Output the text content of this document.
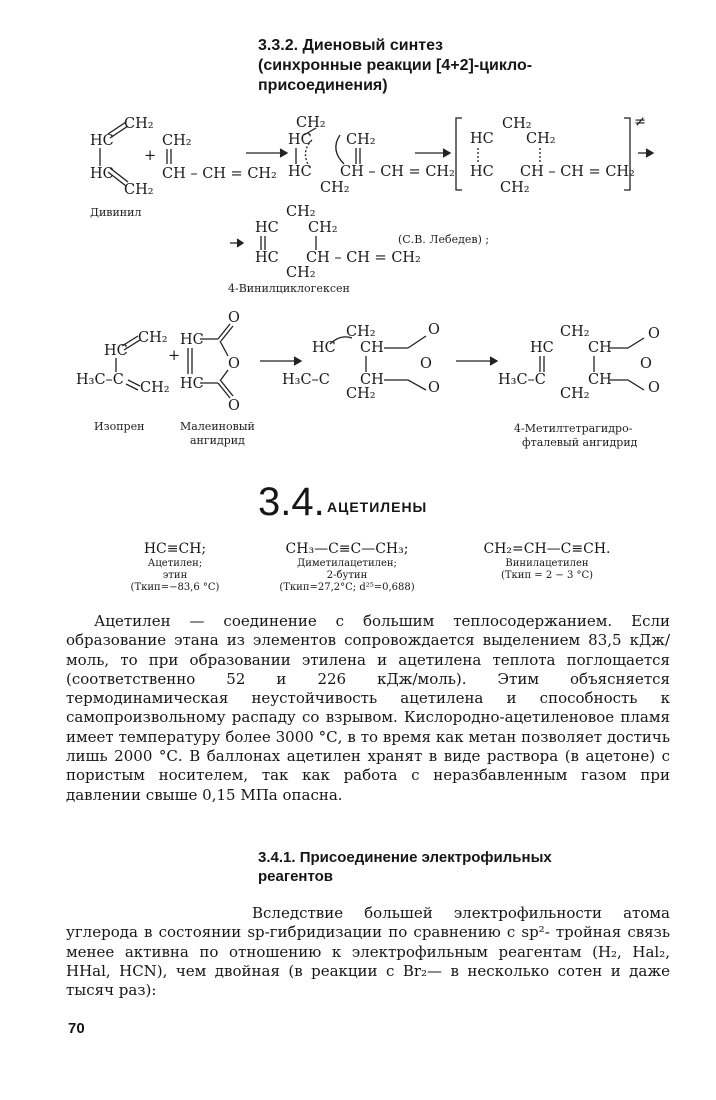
3.3.2. Диеновый синтез
(синхронные реакции [4+2]-цикло-
присоединения)
HC
CH₂
HC
CH₂
+
CH₂
CH – CH = CH₂
CH₂
HC CH₂
HC CH – CH = CH₂
CH₂
≠
CH₂
HC CH₂
HC CH – CH = CH₂
CH₂
Дивинил	CH₂
HC CH₂
HC CH – CH = CH₂
CH₂
(С.В. Лебедев) ;
4-Винилциклогексен
HC
CH₂
H₃C–C CH₂
+
HC
HC
O
O
O
CH₂
HC CH
H₃C–C CH
CH₂
O
O
O
CH₂
HC CH
H₃C–C	CH
CH₂
O
O
O
Изопрен	Малеиновый
ангидрид
4-Метилтетрагидро-
фталевый ангидрид
3.4. АЦЕТИЛЕНЫ
HC≡CH;
Ацетилен;
этин
(Ткип=−83,6 °С)
CH₃—C≡C—CH₃;
Диметилацетилен;
2-бутин
(Ткип=27,2°С; d²⁵=0,688)
CH₂=CH—C≡CH.
Винилацетилен
(Ткип = 2 − 3 °С)

Ацетилен — соединение с большим теплосодержанием. Если образование этана из элементов сопровождается выделением 83,5 кДж/моль, то при образовании этилена и ацетилена теплота поглощается (соответственно 52 и 226 кДж/моль). Этим объясняется термодинамическая неустойчивость ацетилена и способность к самопроизвольному распаду со взрывом. Кислородно-ацетиленовое пламя имеет температуру более 3000 °С, в то время как метан позволяет достичь лишь 2000 °С. В баллонах ацетилен хранят в виде раствора (в ацетоне) с пористым носителем, так как работа с неразбавленным газом при давлении свыше 0,15 МПа опасна.

3.4.1. Присоединение электрофильных
реагентов

Вследствие большей электрофильности атома углерода в состоянии sp-гибридизации по сравнению с sp²- тройная связь менее активна по отношению к электрофильным реагентам (H₂, Hal₂, HHal, HCN), чем двойная (в реакции с Br₂— в несколько сотен и даже тысяч раз):

70
